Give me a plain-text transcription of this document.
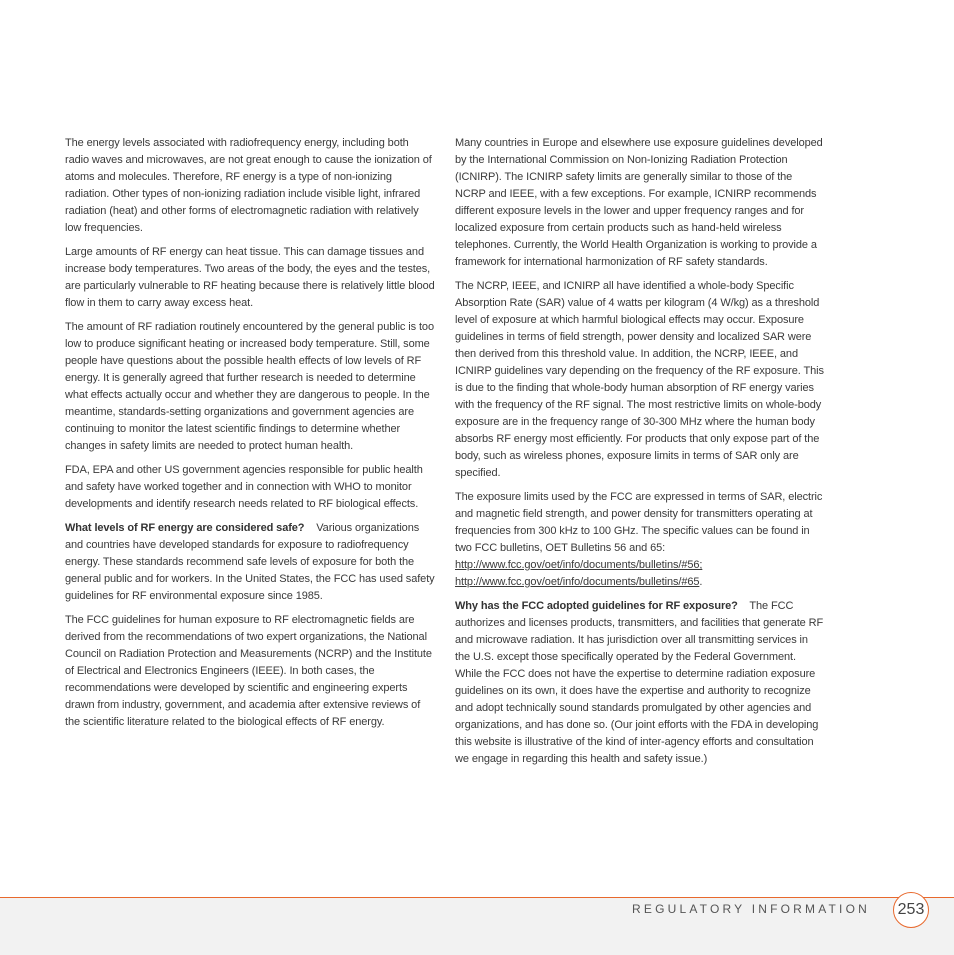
The energy levels associated with radiofrequency energy, including both radio waves and microwaves, are not great enough to cause the ionization of atoms and molecules. Therefore, RF energy is a type of non-ionizing radiation. Other types of non-ionizing radiation include visible light, infrared radiation (heat) and other forms of electromagnetic radiation with relatively low frequencies.

Large amounts of RF energy can heat tissue. This can damage tissues and increase body temperatures. Two areas of the body, the eyes and the testes, are particularly vulnerable to RF heating because there is relatively little blood flow in them to carry away excess heat.

The amount of RF radiation routinely encountered by the general public is too low to produce significant heating or increased body temperature. Still, some people have questions about the possible health effects of low levels of RF energy. It is generally agreed that further research is needed to determine what effects actually occur and whether they are dangerous to people. In the meantime, standards-setting organizations and government agencies are continuing to monitor the latest scientific findings to determine whether changes in safety limits are needed to protect human health.

FDA, EPA and other US government agencies responsible for public health and safety have worked together and in connection with WHO to monitor developments and identify research needs related to RF biological effects.

What levels of RF energy are considered safe? Various organizations and countries have developed standards for exposure to radiofrequency energy. These standards recommend safe levels of exposure for both the general public and for workers. In the United States, the FCC has used safety guidelines for RF environmental exposure since 1985.

The FCC guidelines for human exposure to RF electromagnetic fields are derived from the recommendations of two expert organizations, the National Council on Radiation Protection and Measurements (NCRP) and the Institute of Electrical and Electronics Engineers (IEEE). In both cases, the recommendations were developed by scientific and engineering experts drawn from industry, government, and academia after extensive reviews of the scientific literature related to the biological effects of RF energy.

Many countries in Europe and elsewhere use exposure guidelines developed by the International Commission on Non-Ionizing Radiation Protection (ICNIRP). The ICNIRP safety limits are generally similar to those of the NCRP and IEEE, with a few exceptions. For example, ICNIRP recommends different exposure levels in the lower and upper frequency ranges and for localized exposure from certain products such as hand-held wireless telephones. Currently, the World Health Organization is working to provide a framework for international harmonization of RF safety standards.

The NCRP, IEEE, and ICNIRP all have identified a whole-body Specific Absorption Rate (SAR) value of 4 watts per kilogram (4 W/kg) as a threshold level of exposure at which harmful biological effects may occur. Exposure guidelines in terms of field strength, power density and localized SAR were then derived from this threshold value. In addition, the NCRP, IEEE, and ICNIRP guidelines vary depending on the frequency of the RF exposure. This is due to the finding that whole-body human absorption of RF energy varies with the frequency of the RF signal. The most restrictive limits on whole-body exposure are in the frequency range of 30-300 MHz where the human body absorbs RF energy most efficiently. For products that only expose part of the body, such as wireless phones, exposure limits in terms of SAR only are specified.

The exposure limits used by the FCC are expressed in terms of SAR, electric and magnetic field strength, and power density for transmitters operating at frequencies from 300 kHz to 100 GHz. The specific values can be found in two FCC bulletins, OET Bulletins 56 and 65: http://www.fcc.gov/oet/info/documents/bulletins/#56; http://www.fcc.gov/oet/info/documents/bulletins/#65.

Why has the FCC adopted guidelines for RF exposure? The FCC authorizes and licenses products, transmitters, and facilities that generate RF and microwave radiation. It has jurisdiction over all transmitting services in the U.S. except those specifically operated by the Federal Government. While the FCC does not have the expertise to determine radiation exposure guidelines on its own, it does have the expertise and authority to recognize and adopt technically sound standards promulgated by other agencies and organizations, and has done so. (Our joint efforts with the FDA in developing this website is illustrative of the kind of inter-agency efforts and consultation we engage in regarding this health and safety issue.)

REGULATORY INFORMATION 253
